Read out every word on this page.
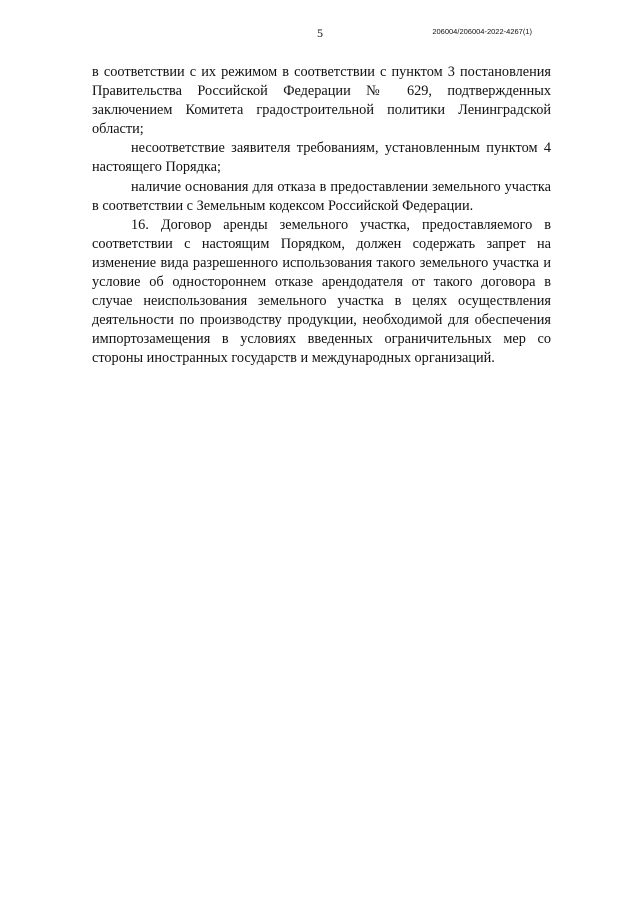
5	206004/206004-2022-4267(1)

в соответствии с их режимом в соответствии с пунктом 3 постановления Правительства Российской Федерации № 629, подтвержденных заключением Комитета градостроительной политики Ленинградской области;

несоответствие заявителя требованиям, установленным пунктом 4 настоящего Порядка;

наличие основания для отказа в предоставлении земельного участка в соответствии с Земельным кодексом Российской Федерации.

16. Договор аренды земельного участка, предоставляемого в соответствии с настоящим Порядком, должен содержать запрет на изменение вида разрешенного использования такого земельного участка и условие об одностороннем отказе арендодателя от такого договора в случае неиспользования земельного участка в целях осуществления деятельности по производству продукции, необходимой для обеспечения импортозамещения в условиях введенных ограничительных мер со стороны иностранных государств и международных организаций.
